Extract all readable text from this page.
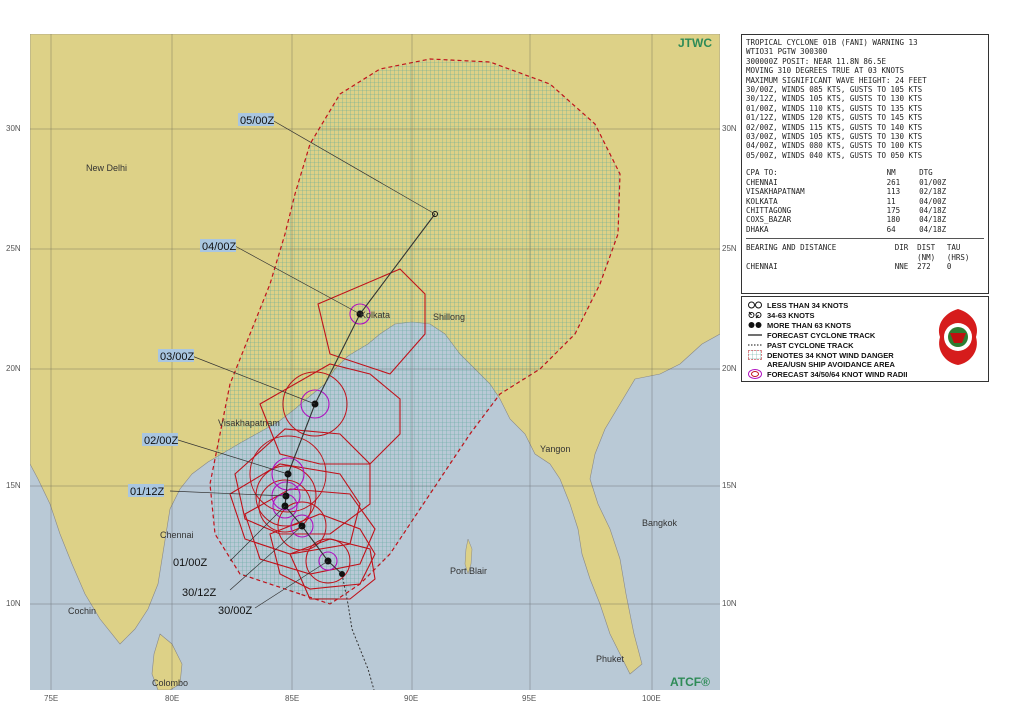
05/00Z
04/00Z
03/00Z
02/00Z
01/12Z
01/00Z
30/12Z
30/00Z
New Delhi
Kolkata	Shillong
Visakhapatnam
Chennai
Cochin
Colombo
Yangon
Bangkok
Phuket
Port Blair
JTWC
ATCF®
30N
25N
20N
15N
10N
30N
25N
20N
15N
10N
75E	80E	85E	90E	95E	100E
TROPICAL CYCLONE 01B (FANI) WARNING 13
WTIO31 PGTW 300300
300000Z POSIT: NEAR 11.8N 86.5E
MOVING 310 DEGREES TRUE AT 03 KNOTS
MAXIMUM SIGNIFICANT WAVE HEIGHT: 24 FEET
30/00Z, WINDS 085 KTS, GUSTS TO 105 KTS
30/12Z, WINDS 105 KTS, GUSTS TO 130 KTS
01/00Z, WINDS 110 KTS, GUSTS TO 135 KTS
01/12Z, WINDS 120 KTS, GUSTS TO 145 KTS
02/00Z, WINDS 115 KTS, GUSTS TO 140 KTS
03/00Z, WINDS 105 KTS, GUSTS TO 130 KTS
04/00Z, WINDS 080 KTS, GUSTS TO 100 KTS
05/00Z, WINDS 040 KTS, GUSTS TO 050 KTS
CPA TO:	NM	DTG
CHENNAI	261	01/00Z
VISAKHAPATNAM	113	02/18Z
KOLKATA	11	04/00Z
CHITTAGONG	175	04/18Z
COXS_BAZAR	180	04/18Z
DHAKA	64	04/18Z
BEARING AND DISTANCE	DIR	DIST	TAU
		(NM)	(HRS)
CHENNAI	NNE	272	0
LESS THAN 34 KNOTS
34-63 KNOTS
MORE THAN 63 KNOTS
FORECAST CYCLONE TRACK
PAST CYCLONE TRACK
DENOTES 34 KNOT WIND DANGER
AREA/USN SHIP AVOIDANCE AREA
FORECAST 34/50/64 KNOT WIND RADII
